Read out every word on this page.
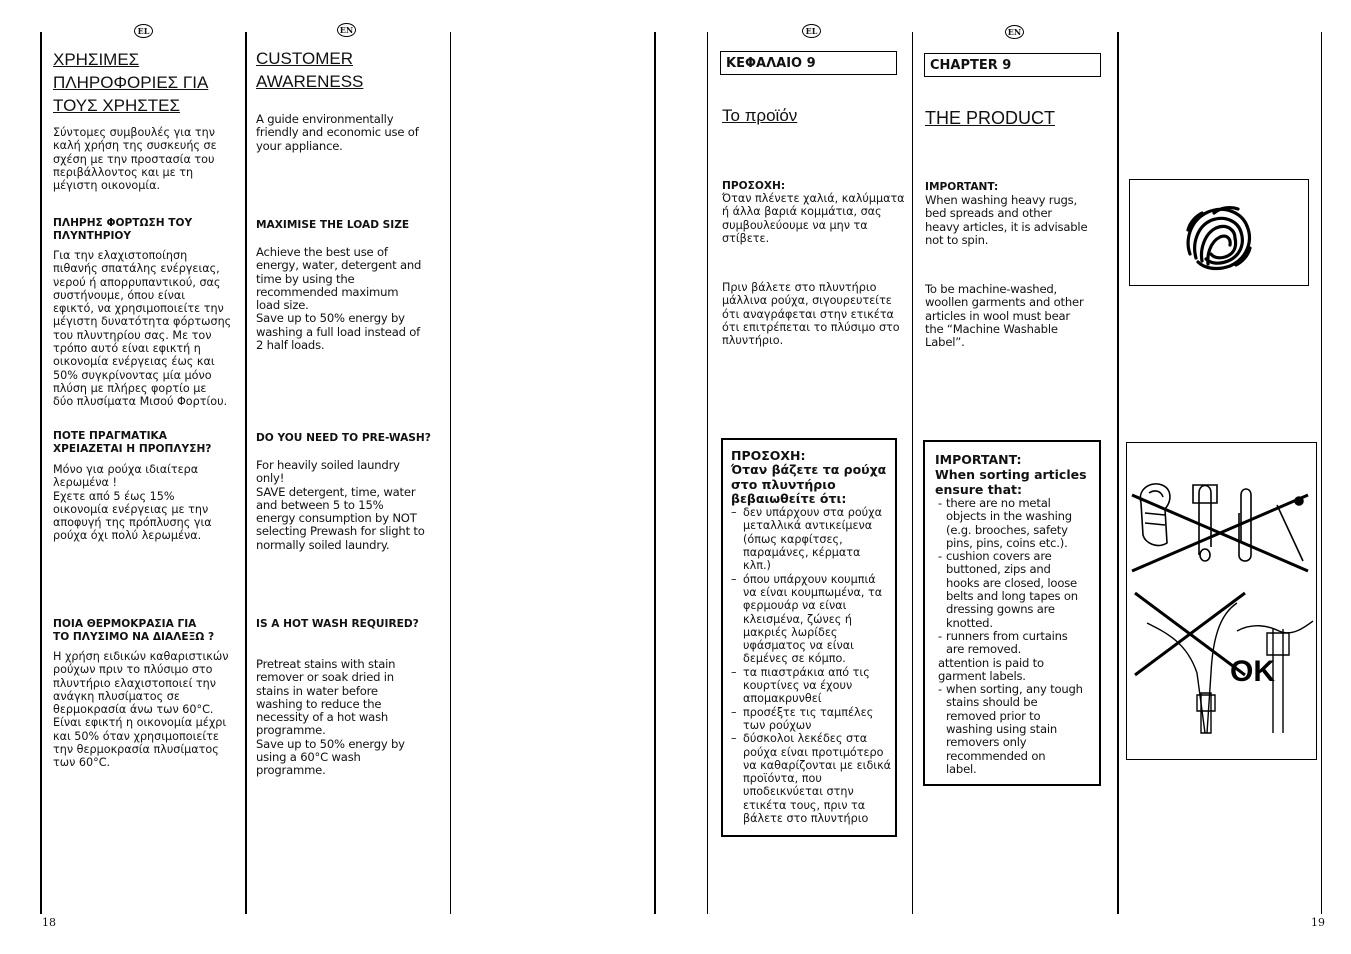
EL	EN	EL	EN
18	19
ΧΡΗΣΙΜΕΣ ΠΛΗΡΟΦΟΡΙΕΣ ΓΙΑ ΤΟΥΣ ΧΡΗΣΤΕΣ
Σύντομες συμβουλές για την
καλή χρήση της συσκευής σε
σχέση με την προστασία του
περιβάλλοντος και με τη
μέγιστη οικονομία.
ΠΛΗΡΗΣ ΦΟΡΤΩΣΗ ΤΟΥ
ΠΛΥΝΤΗΡΙΟΥ
Για την ελαχιστοποίηση
πιθανής σπατάλης ενέργειας,
νερού ή απορρυπαντικού, σας
συστήνουμε, όπου είναι
εφικτό, να χρησιμοποιείτε την
μέγιστη δυνατότητα φόρτωσης
του πλυντηρίου σας. Με τον
τρόπο αυτό είναι εφικτή η
οικονομία ενέργειας έως και
50% συγκρίνοντας μία μόνο
πλύση με πλήρες φορτίο με
δύο πλυσίματα Μισού Φορτίου.
ΠΟΤΕ ΠΡΑΓΜΑΤΙΚΑ
ΧΡΕΙΑΖΕΤΑΙ Η ΠΡΟΠΛΥΣΗ?
Μόνο για ρούχα ιδιαίτερα
λερωμένα !
Εχετε από 5 έως 15%
οικονομία ενέργειας με την
αποφυγή της πρόπλυσης για
ρούχα όχι πολύ λερωμένα.
ΠΟΙΑ ΘΕΡΜΟΚΡΑΣΙΑ ΓΙΑ
ΤΟ ΠΛΥΣΙΜΟ ΝΑ ΔΙΑΛΕΞΩ ?
Η χρήση ειδικών καθαριστικών
ρούχων πριν το πλύσιμο στο
πλυντήριο ελαχιστοποιεί την
ανάγκη πλυσίματος σε
θερμοκρασία άνω των 60°C.
Είναι εφικτή η οικονομία μέχρι
και 50% όταν χρησιμοποιείτε
την θερμοκρασία πλυσίματος
των 60°C.
CUSTOMER
AWARENESS
A guide environmentally
friendly and economic use of
your appliance.
MAXIMISE THE LOAD SIZE
Achieve the best use of
energy, water, detergent and
time by using the
recommended maximum
load size.
Save up to 50% energy by
washing a full load instead of
2 half loads.
DO YOU NEED TO PRE-WASH?
For heavily soiled laundry
only!
SAVE detergent, time, water
and between 5 to 15%
energy consumption by NOT
selecting Prewash for slight to
normally soiled laundry.
IS A HOT WASH REQUIRED?
Pretreat stains with stain
remover or soak dried in
stains in water before
washing to reduce the
necessity of a hot wash
programme.
Save up to 50% energy by
using a 60°C wash
programme.
ΚΕΦΑΛΑΙΟ 9
Το προϊόν
ΠΡΟΣΟΧΗ:
Όταν πλένετε χαλιά, καλύμματα
ή άλλα βαριά κομμάτια, σας
συμβουλεύουμε να μην τα
στίβετε.
Πριν βάλετε στο πλυντήριο
μάλλινα ρούχα, σιγουρευτείτε
ότι αναγράφεται στην ετικέτα
ότι επιτρέπεται το πλύσιμο στο
πλυντήριο.
ΠΡΟΣΟΧΗ:
Όταν βάζετε τα ρούχα
στο πλυντήριο
βεβαιωθείτε ότι:
– δεν υπάρχουν στα ρούχα
μεταλλικά αντικείμενα
(όπως καρφίτσες,
παραμάνες, κέρματα
κλπ.)
– όπου υπάρχουν κουμπιά
να είναι κουμπωμένα, τα
φερμουάρ να είναι
κλεισμένα, ζώνες ή
μακριές λωρίδες
υφάσματος να είναι
δεμένες σε κόμπο.
– τα πιαστράκια από τις
κουρτίνες να έχουν
απομακρυνθεί
– προσέξτε τις ταμπέλες
των ρούχων
– δύσκολοι λεκέδες στα
ρούχα είναι προτιμότερο
να καθαρίζονται με ειδικά
προϊόντα, που
υποδεικνύεται στην
ετικέτα τους, πριν τα
βάλετε στο πλυντήριο
CHAPTER 9
THE PRODUCT
IMPORTANT:
When washing heavy rugs,
bed spreads and other
heavy articles, it is advisable
not to spin.
To be machine-washed,
woollen garments and other
articles in wool must bear
the “Machine Washable
Label”.
IMPORTANT:
When sorting articles
ensure that:
- there are no metal
objects in the washing
(e.g. brooches, safety
pins, pins, coins etc.).
- cushion covers are
buttoned, zips and
hooks are closed, loose
belts and long tapes on
dressing gowns are
knotted.
- runners from curtains
are removed.
attention is paid to
garment labels.
- when sorting, any tough
stains should be
removed prior to
washing using stain
removers only
recommended on
label.
OK
